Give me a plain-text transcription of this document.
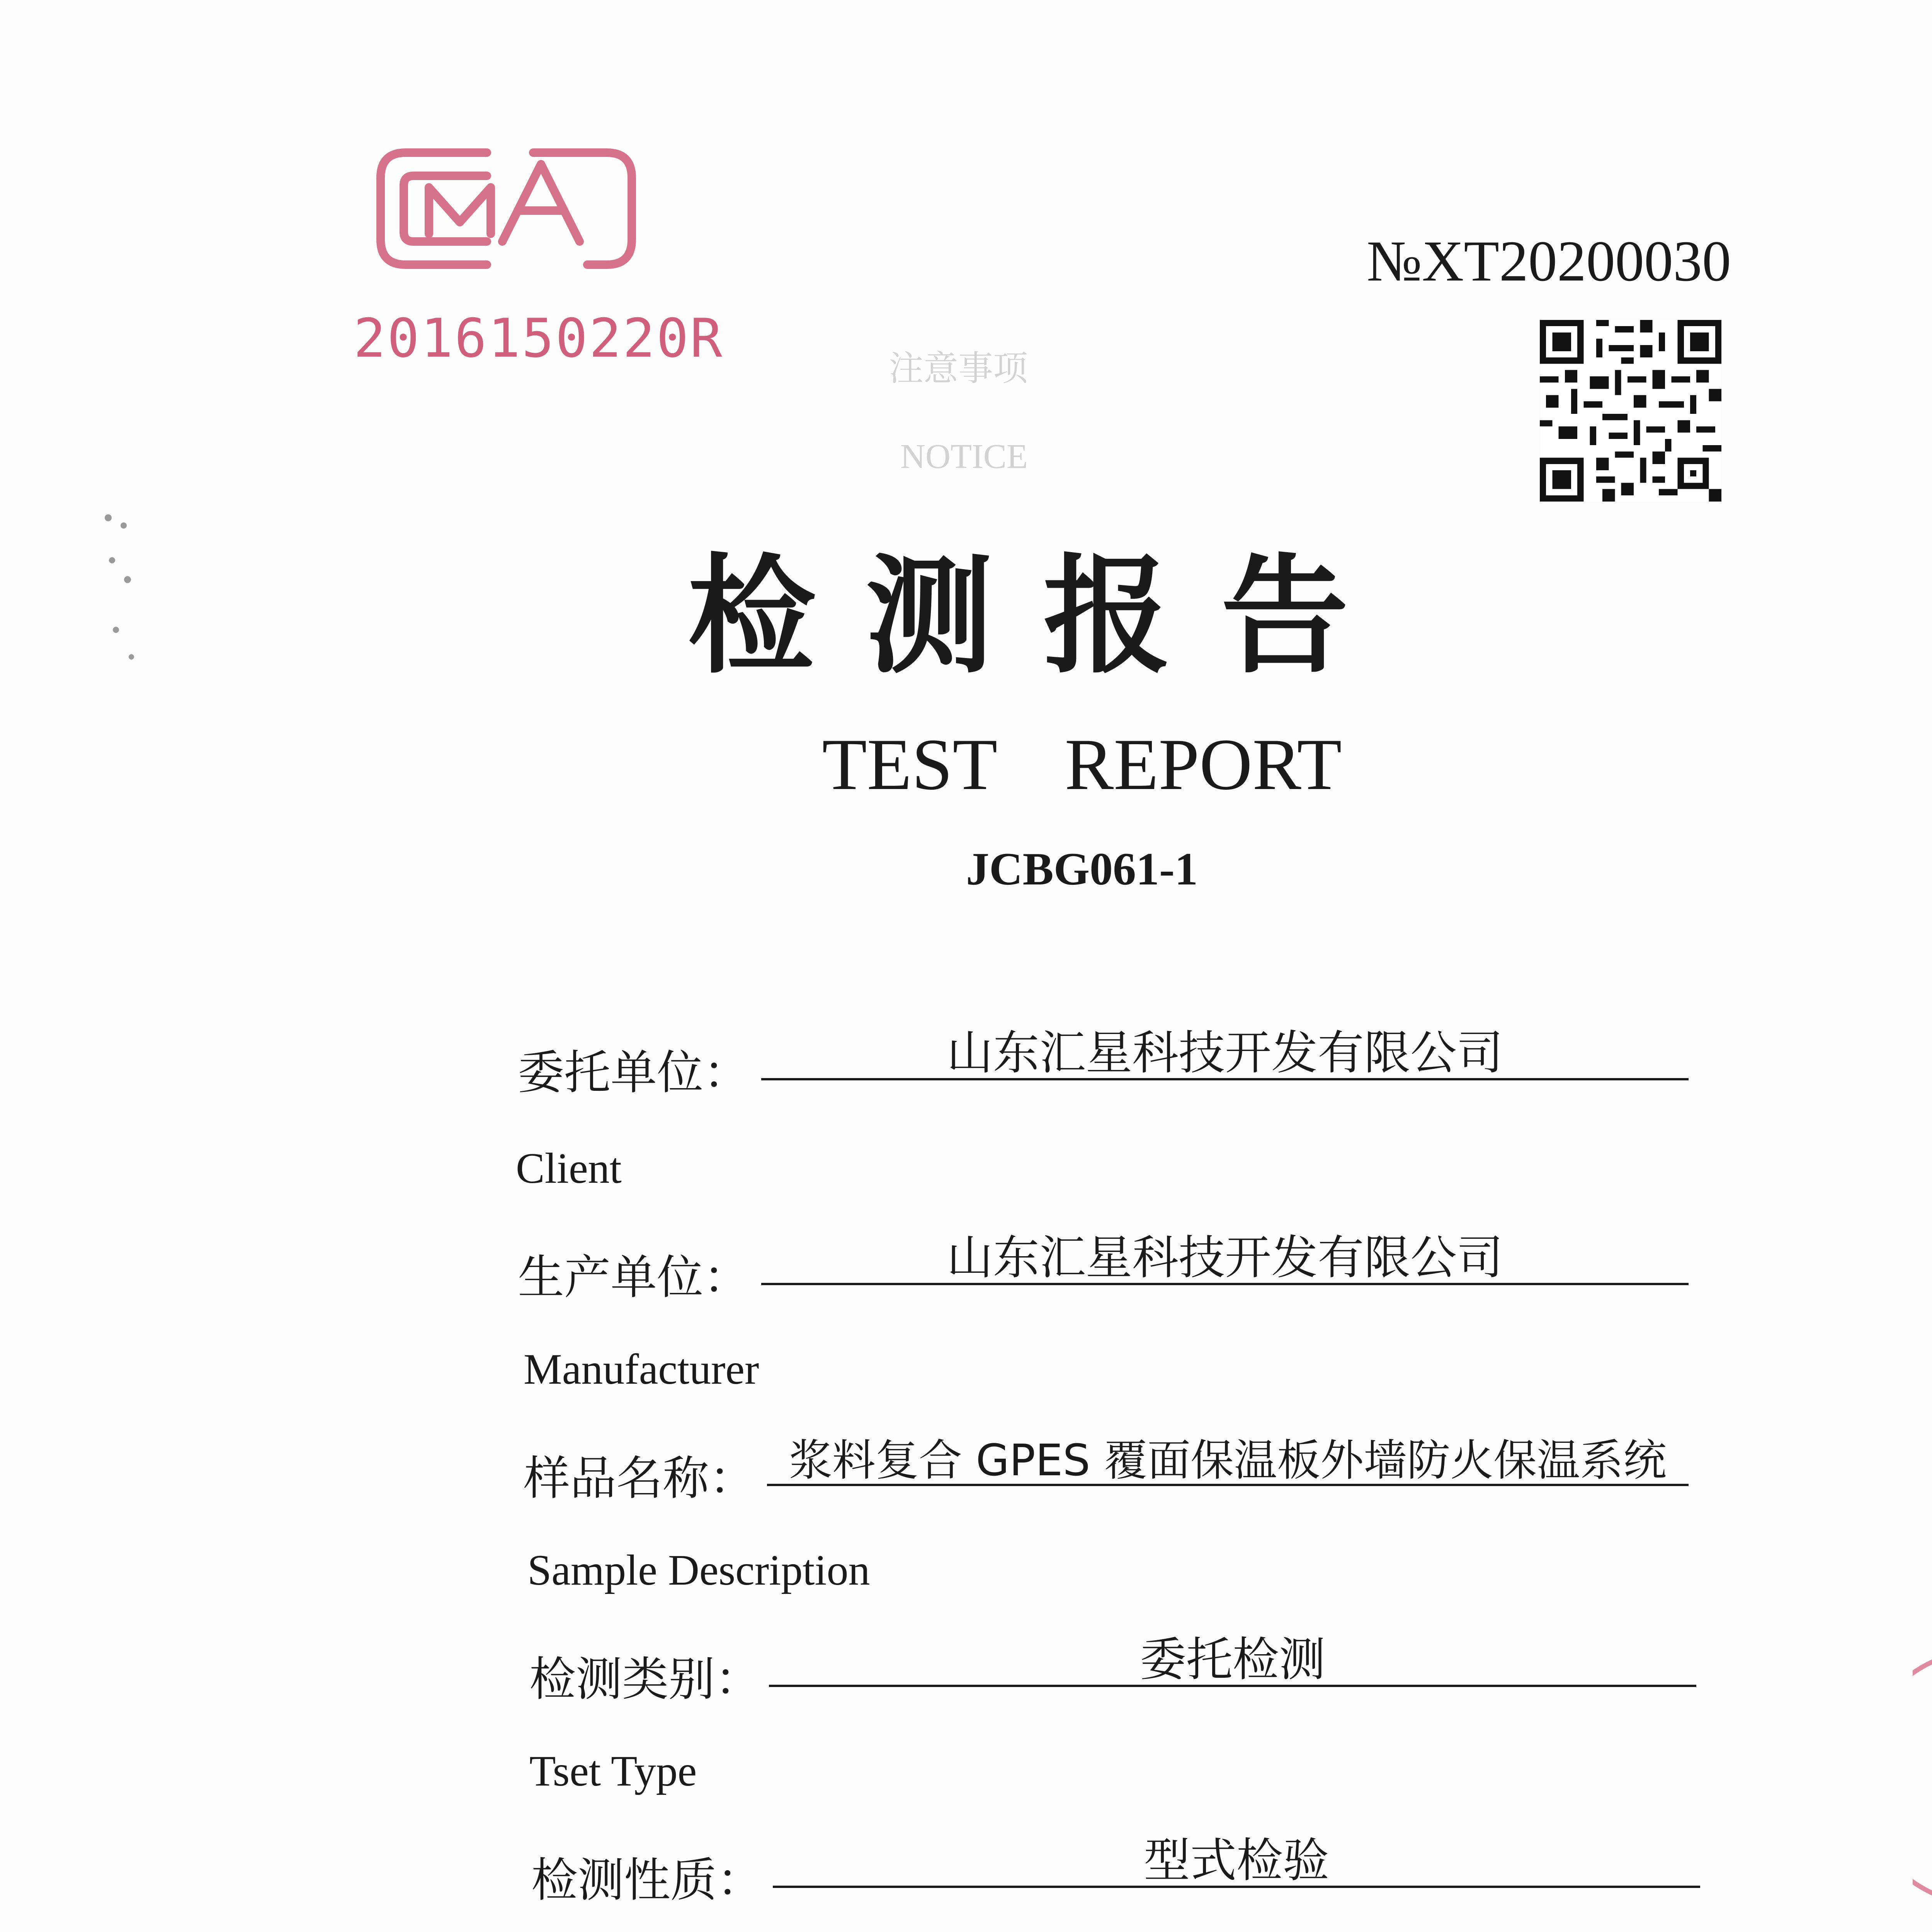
注意事项
NOTICE
2016150220R
№XT20200030
检测报告
TEST REPORT
JCBG061-1
委托单位：	山东汇星科技开发有限公司
Client
生产单位：	山东汇星科技开发有限公司
Manufacturer
样品名称： 浆料复合 GPES 覆面保温板外墙防火保温系统
Sample Description
检测类别：	委托检测
Tset Type
检测性质：	型式检验
